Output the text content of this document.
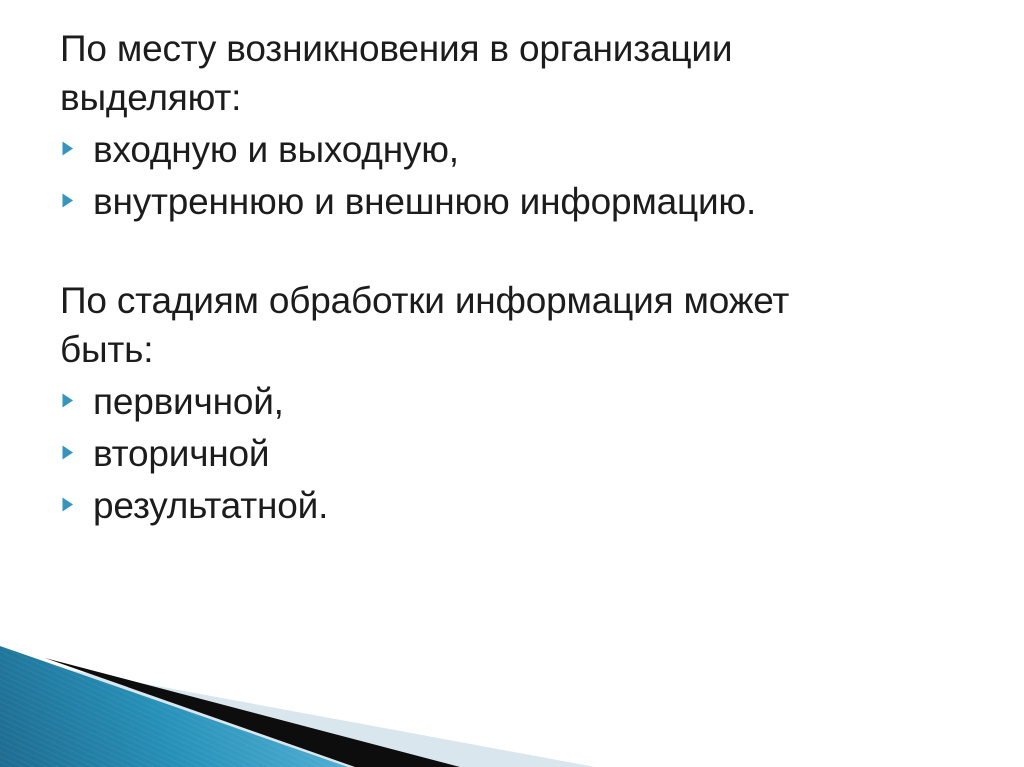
По месту возникновения в организации
выделяют:
входную и выходную,
внутреннюю и внешнюю информацию.
По стадиям обработки информация может
быть:
первичной,
вторичной
результатной.
